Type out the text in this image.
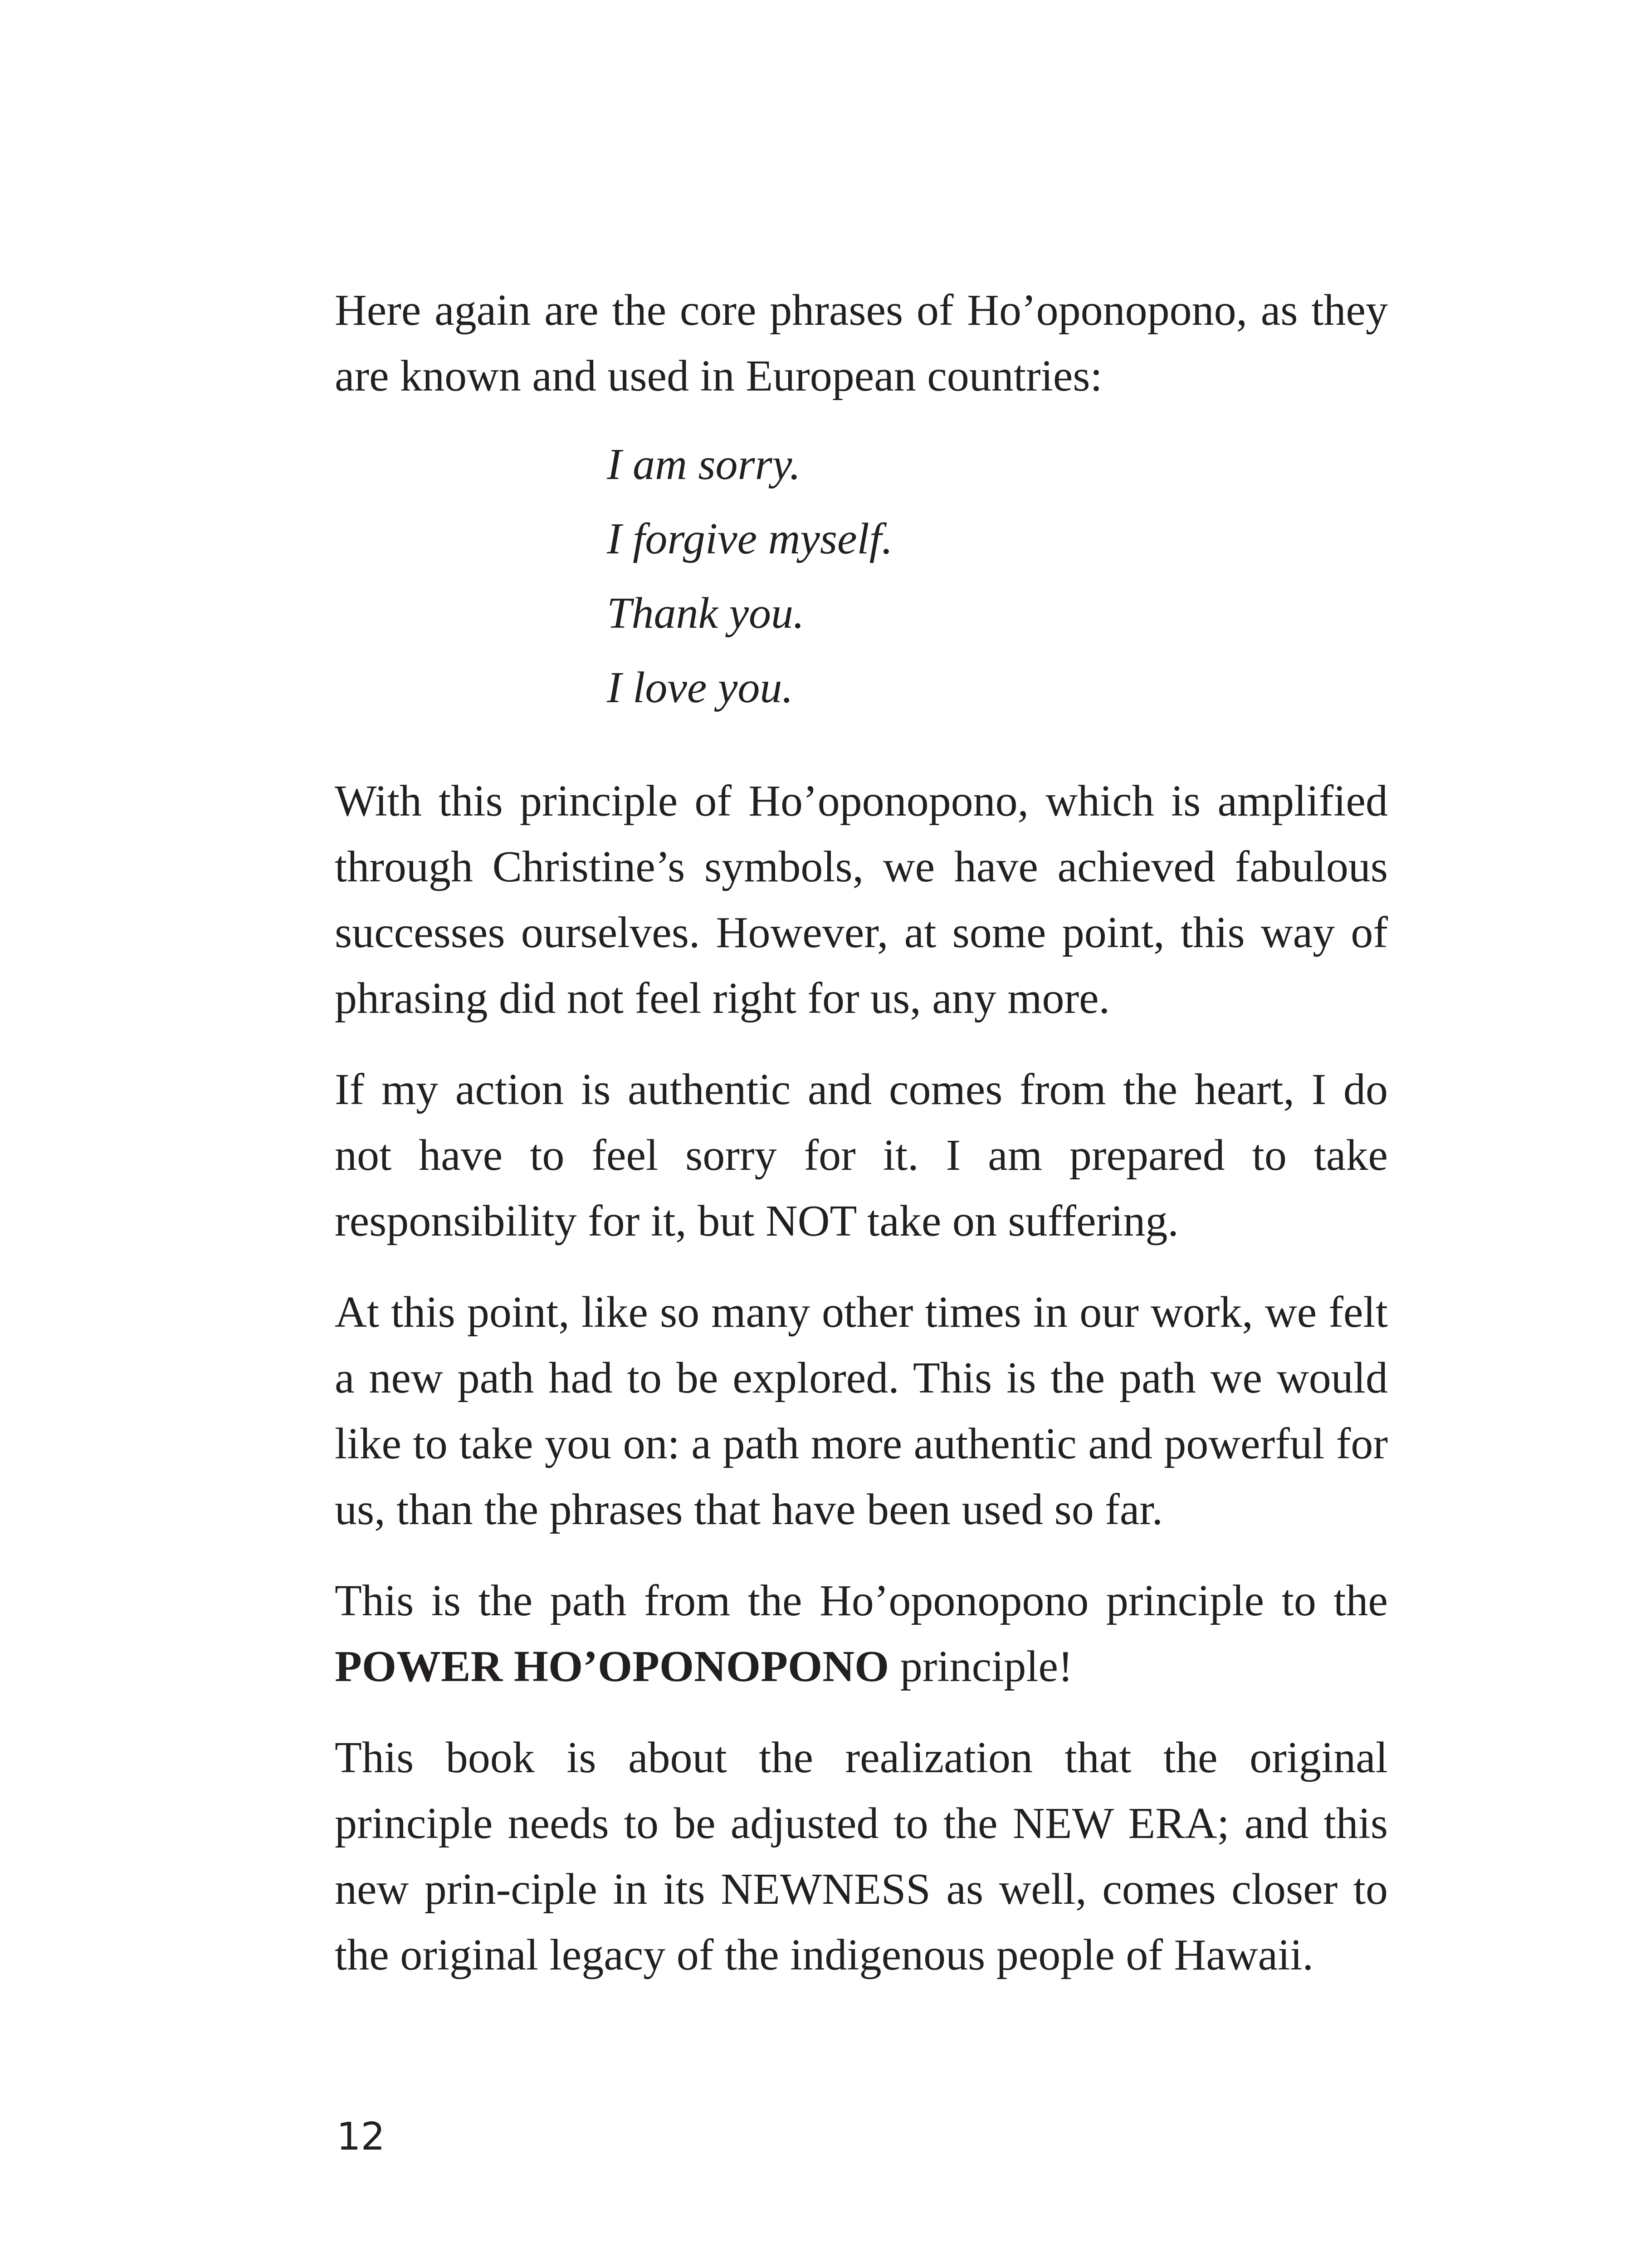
Here again are the core phrases of Ho’oponopono, as they are known and used in European countries:

I am sorry.
I forgive myself.
Thank you.
I love you.

With this principle of Ho’oponopono, which is amplified through Christine’s symbols, we have achieved fabulous successes ourselves. However, at some point, this way of phrasing did not feel right for us, any more.

If my action is authentic and comes from the heart, I do not have to feel sorry for it. I am prepared to take responsibility for it, but NOT take on suffering.

At this point, like so many other times in our work, we felt a new path had to be explored. This is the path we would like to take you on: a path more authentic and powerful for us, than the phrases that have been used so far.

This is the path from the Ho’oponopono principle to the POWER HO’OPONOPONO principle!

This book is about the realization that the original principle needs to be adjusted to the NEW ERA; and this new prin-ciple in its NEWNESS as well, comes closer to the original legacy of the indigenous people of Hawaii.

12
